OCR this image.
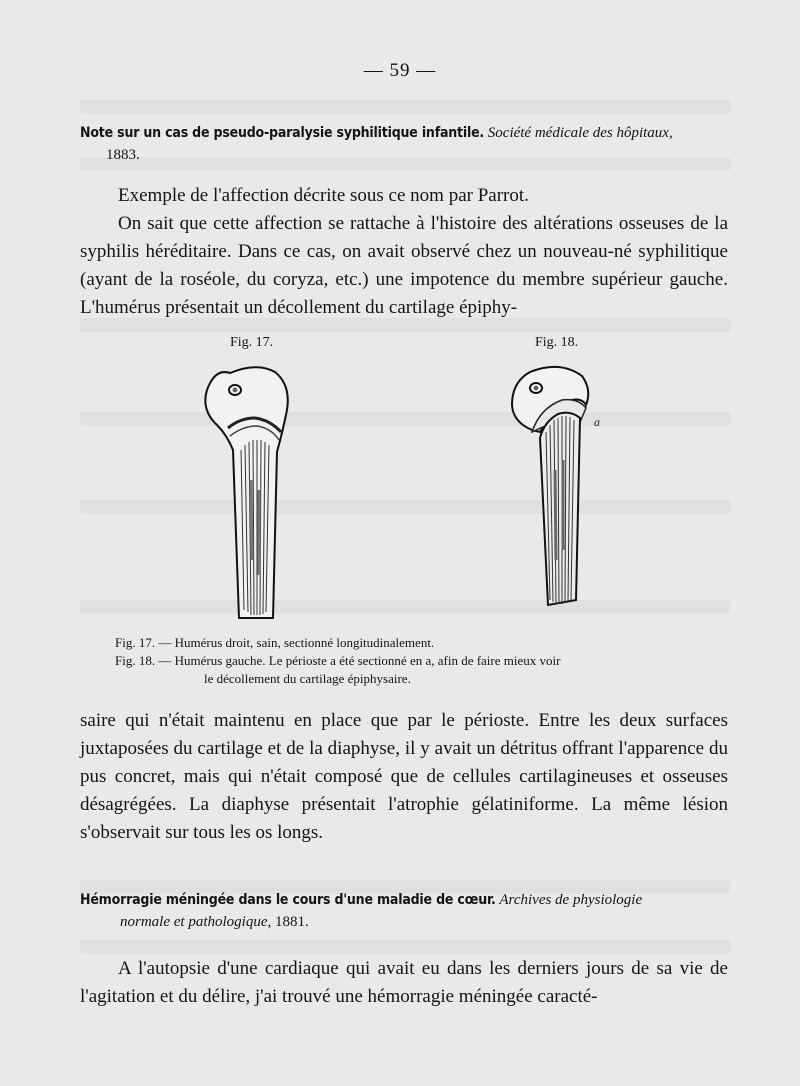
— 59 —
Note sur un cas de pseudo-paralysie syphilitique infantile. Société médicale des hôpitaux,
1883.

Exemple de l'affection décrite sous ce nom par Parrot.

On sait que cette affection se rattache à l'histoire des altérations osseuses de la syphilis héréditaire. Dans ce cas, on avait observé chez un nouveau-né syphilitique (ayant de la roséole, du coryza, etc.) une impotence du membre supérieur gauche. L'humérus présentait un décollement du cartilage épiphy-

Fig. 17.	Fig. 18.
a
Fig. 17. — Humérus droit, sain, sectionné longitudinalement.
Fig. 18. — Humérus gauche. Le périoste a été sectionné en a, afin de faire mieux voir
le décollement du cartilage épiphysaire.

saire qui n'était maintenu en place que par le périoste. Entre les deux surfaces juxtaposées du cartilage et de la diaphyse, il y avait un détritus offrant l'apparence du pus concret, mais qui n'était composé que de cellules cartilagineuses et osseuses désagrégées. La diaphyse présentait l'atrophie gélatiniforme. La même lésion s'observait sur tous les os longs.

Hémorragie méningée dans le cours d'une maladie de cœur. Archives de physiologie
normale et pathologique, 1881.

A l'autopsie d'une cardiaque qui avait eu dans les derniers jours de sa vie de l'agitation et du délire, j'ai trouvé une hémorragie méningée caracté-
